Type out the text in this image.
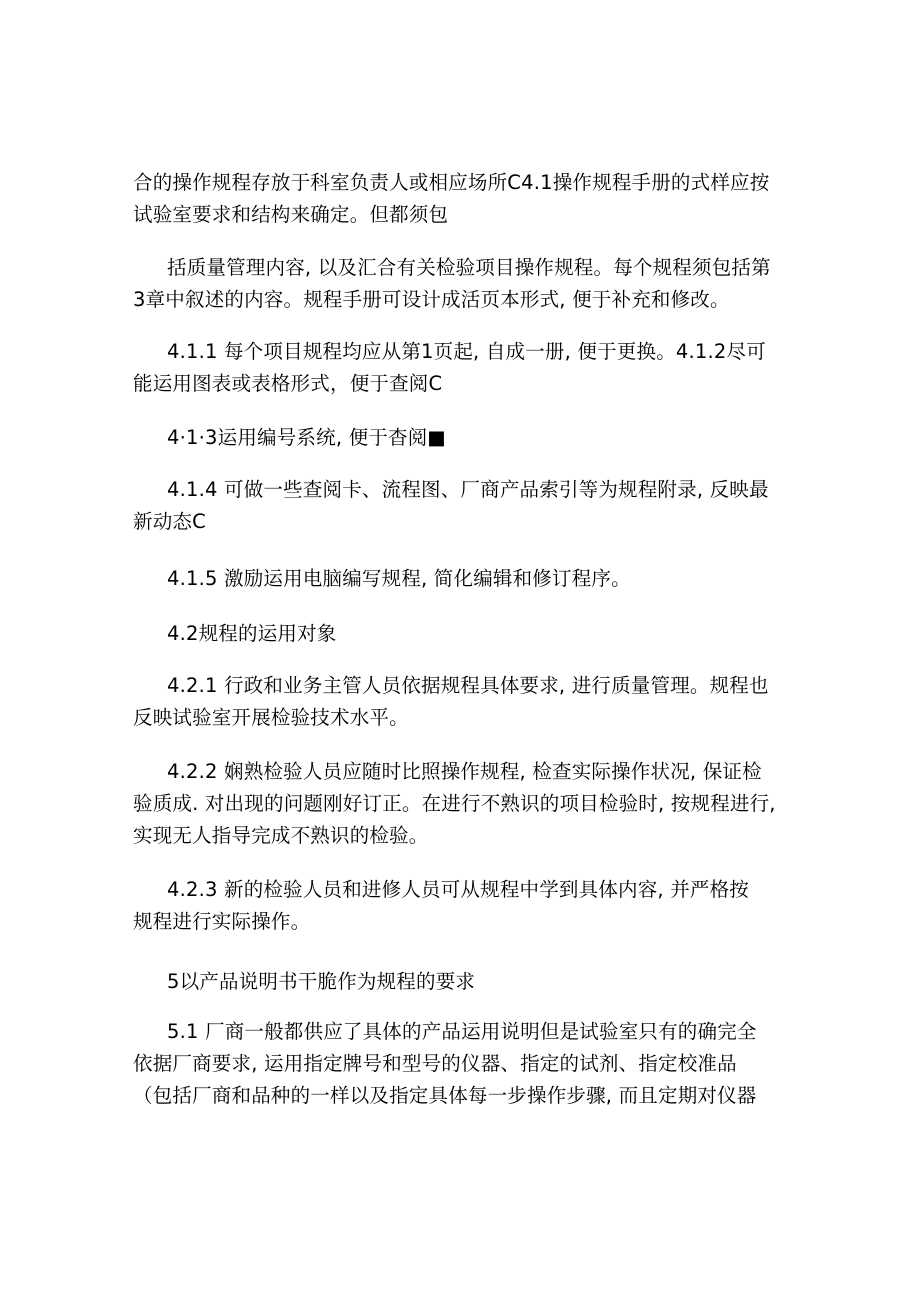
合的操作规程存放于科室负责人或相应场所C4.1操作规程手册的式样应按
试验室要求和结构来确定。但都须包
括质量管理内容, 以及汇合有关检验项目操作规程。每个规程须包括第
3章中叙述的内容。规程手册可设计成活页本形式, 便于补充和修改。
4.1.1 每个项目规程均应从第1页起, 自成一册, 便于更换。4.1.2尽可
能运用图表或表格形式，便于查阅C
4·1·3运用编号系统, 便于杳阅■
4.1.4 可做一些查阅卡、流程图、厂商产品索引等为规程附录, 反映最
新动态C
4.1.5 激励运用电脑编写规程, 简化编辑和修订程序。
4.2规程的运用对象
4.2.1 行政和业务主管人员依据规程具体要求, 进行质量管理。规程也
反映试验室开展检验技术水平。
4.2.2 娴熟检验人员应随时比照操作规程, 检查实际操作状况, 保证检
验质成. 对出现的问题刚好订正。在进行不熟识的项目检验时, 按规程进行,
实现无人指导完成不熟识的检验。
4.2.3 新的检验人员和进修人员可从规程中学到具体内容, 并严格按
规程进行实际操作。
5以产品说明书干脆作为规程的要求
5.1 厂商一般都供应了具体的产品运用说明但是试验室只有的确完全
依据厂商要求, 运用指定牌号和型号的仪器、指定的试剂、指定校准品
（包括厂商和品种的一样以及指定具体每一步操作步骤, 而且定期对仪器
